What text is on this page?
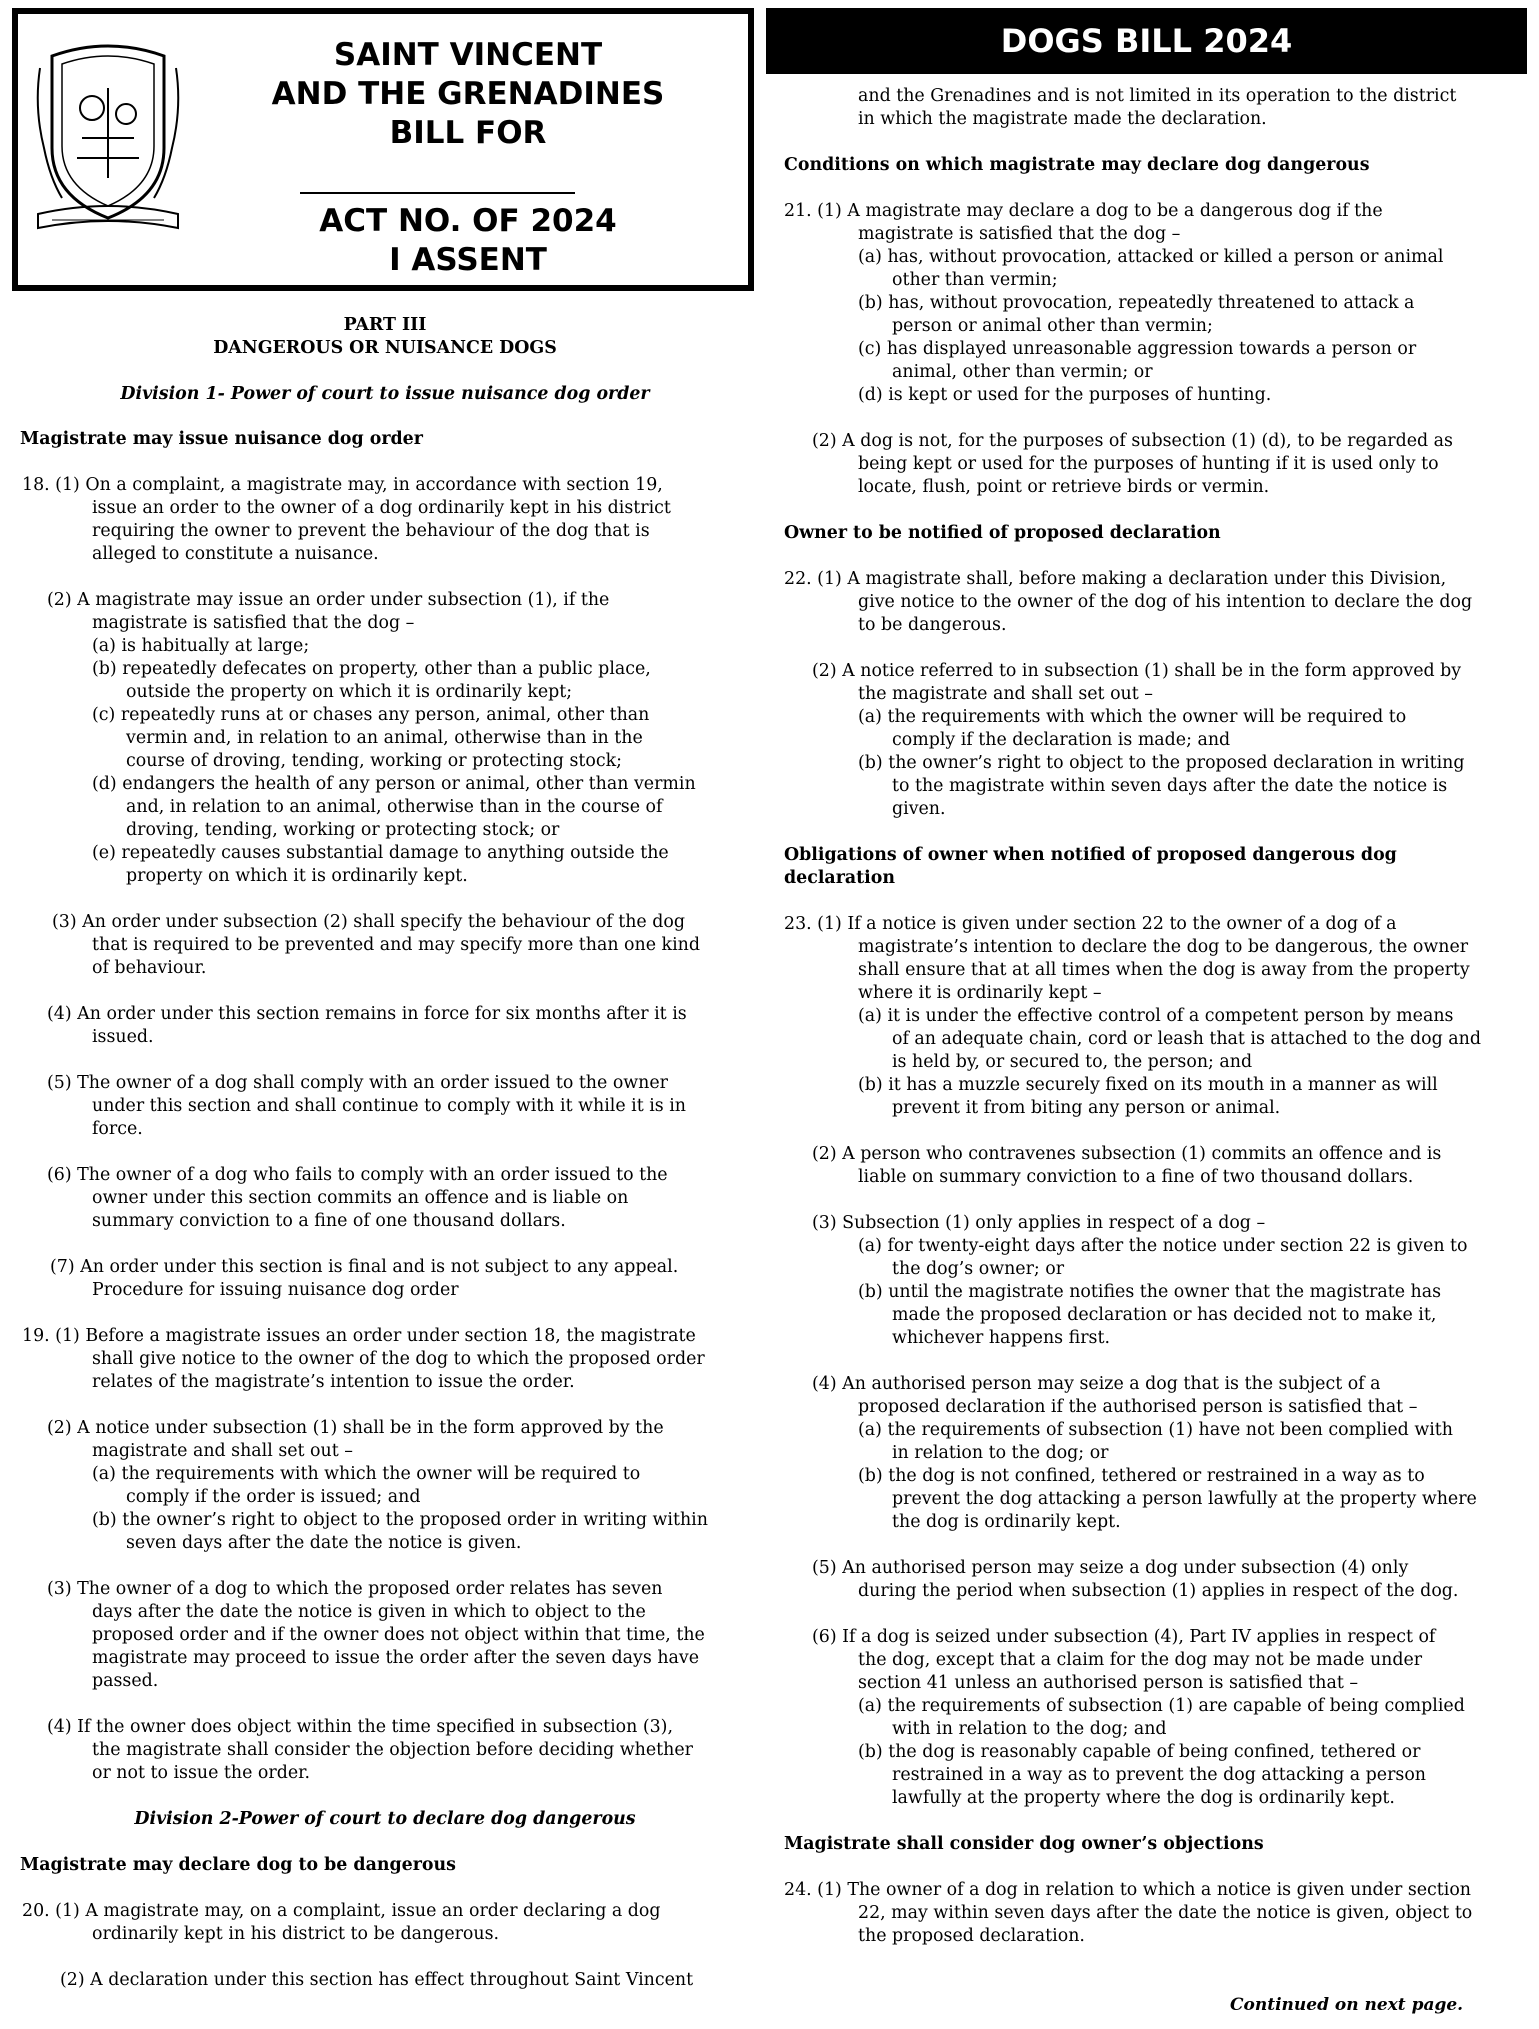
SAINT VINCENT
AND THE GRENADINES
BILL FOR
ACT NO. OF 2024
I ASSENT
DOGS BILL 2024
PART III
DANGEROUS OR NUISANCE DOGS
Division 1- Power of court to issue nuisance dog order
Magistrate may issue nuisance dog order
18. (1) On a complaint, a magistrate may, in accordance with section 19,
issue an order to the owner of a dog ordinarily kept in his district
requiring the owner to prevent the behaviour of the dog that is
alleged to constitute a nuisance.
(2) A magistrate may issue an order under subsection (1), if the
magistrate is satisfied that the dog –
(a) is habitually at large;
(b) repeatedly defecates on property, other than a public place,
outside the property on which it is ordinarily kept;
(c) repeatedly runs at or chases any person, animal, other than
vermin and, in relation to an animal, otherwise than in the
course of droving, tending, working or protecting stock;
(d) endangers the health of any person or animal, other than vermin
and, in relation to an animal, otherwise than in the course of
droving, tending, working or protecting stock; or
(e) repeatedly causes substantial damage to anything outside the
property on which it is ordinarily kept.
(3) An order under subsection (2) shall specify the behaviour of the dog
that is required to be prevented and may specify more than one kind
of behaviour.
(4) An order under this section remains in force for six months after it is
issued.
(5) The owner of a dog shall comply with an order issued to the owner
under this section and shall continue to comply with it while it is in
force.
(6) The owner of a dog who fails to comply with an order issued to the
owner under this section commits an offence and is liable on
summary conviction to a fine of one thousand dollars.
(7) An order under this section is final and is not subject to any appeal.
Procedure for issuing nuisance dog order
19. (1) Before a magistrate issues an order under section 18, the magistrate
shall give notice to the owner of the dog to which the proposed order
relates of the magistrate’s intention to issue the order.
(2) A notice under subsection (1) shall be in the form approved by the
magistrate and shall set out –
(a) the requirements with which the owner will be required to
comply if the order is issued; and
(b) the owner’s right to object to the proposed order in writing within
seven days after the date the notice is given.
(3) The owner of a dog to which the proposed order relates has seven
days after the date the notice is given in which to object to the
proposed order and if the owner does not object within that time, the
magistrate may proceed to issue the order after the seven days have
passed.
(4) If the owner does object within the time specified in subsection (3),
the magistrate shall consider the objection before deciding whether
or not to issue the order.
Division 2-Power of court to declare dog dangerous
Magistrate may declare dog to be dangerous
20. (1) A magistrate may, on a complaint, issue an order declaring a dog
ordinarily kept in his district to be dangerous.
(2) A declaration under this section has effect throughout Saint Vincent
and the Grenadines and is not limited in its operation to the district
in which the magistrate made the declaration.
Conditions on which magistrate may declare dog dangerous
21. (1) A magistrate may declare a dog to be a dangerous dog if the
magistrate is satisfied that the dog –
(a) has, without provocation, attacked or killed a person or animal
other than vermin;
(b) has, without provocation, repeatedly threatened to attack a
person or animal other than vermin;
(c) has displayed unreasonable aggression towards a person or
animal, other than vermin; or
(d) is kept or used for the purposes of hunting.
(2) A dog is not, for the purposes of subsection (1) (d), to be regarded as
being kept or used for the purposes of hunting if it is used only to
locate, flush, point or retrieve birds or vermin.
Owner to be notified of proposed declaration
22. (1) A magistrate shall, before making a declaration under this Division,
give notice to the owner of the dog of his intention to declare the dog
to be dangerous.
(2) A notice referred to in subsection (1) shall be in the form approved by
the magistrate and shall set out –
(a) the requirements with which the owner will be required to
comply if the declaration is made; and
(b) the owner’s right to object to the proposed declaration in writing
to the magistrate within seven days after the date the notice is
given.
Obligations of owner when notified of proposed dangerous dog
declaration
23. (1) If a notice is given under section 22 to the owner of a dog of a
magistrate’s intention to declare the dog to be dangerous, the owner
shall ensure that at all times when the dog is away from the property
where it is ordinarily kept –
(a) it is under the effective control of a competent person by means
of an adequate chain, cord or leash that is attached to the dog and
is held by, or secured to, the person; and
(b) it has a muzzle securely fixed on its mouth in a manner as will
prevent it from biting any person or animal.
(2) A person who contravenes subsection (1) commits an offence and is
liable on summary conviction to a fine of two thousand dollars.
(3) Subsection (1) only applies in respect of a dog –
(a) for twenty-eight days after the notice under section 22 is given to
the dog’s owner; or
(b) until the magistrate notifies the owner that the magistrate has
made the proposed declaration or has decided not to make it,
whichever happens first.
(4) An authorised person may seize a dog that is the subject of a
proposed declaration if the authorised person is satisfied that –
(a) the requirements of subsection (1) have not been complied with
in relation to the dog; or
(b) the dog is not confined, tethered or restrained in a way as to
prevent the dog attacking a person lawfully at the property where
the dog is ordinarily kept.
(5) An authorised person may seize a dog under subsection (4) only
during the period when subsection (1) applies in respect of the dog.
(6) If a dog is seized under subsection (4), Part IV applies in respect of
the dog, except that a claim for the dog may not be made under
section 41 unless an authorised person is satisfied that –
(a) the requirements of subsection (1) are capable of being complied
with in relation to the dog; and
(b) the dog is reasonably capable of being confined, tethered or
restrained in a way as to prevent the dog attacking a person
lawfully at the property where the dog is ordinarily kept.
Magistrate shall consider dog owner’s objections
24. (1) The owner of a dog in relation to which a notice is given under section
22, may within seven days after the date the notice is given, object to
the proposed declaration.
Continued on next page.
